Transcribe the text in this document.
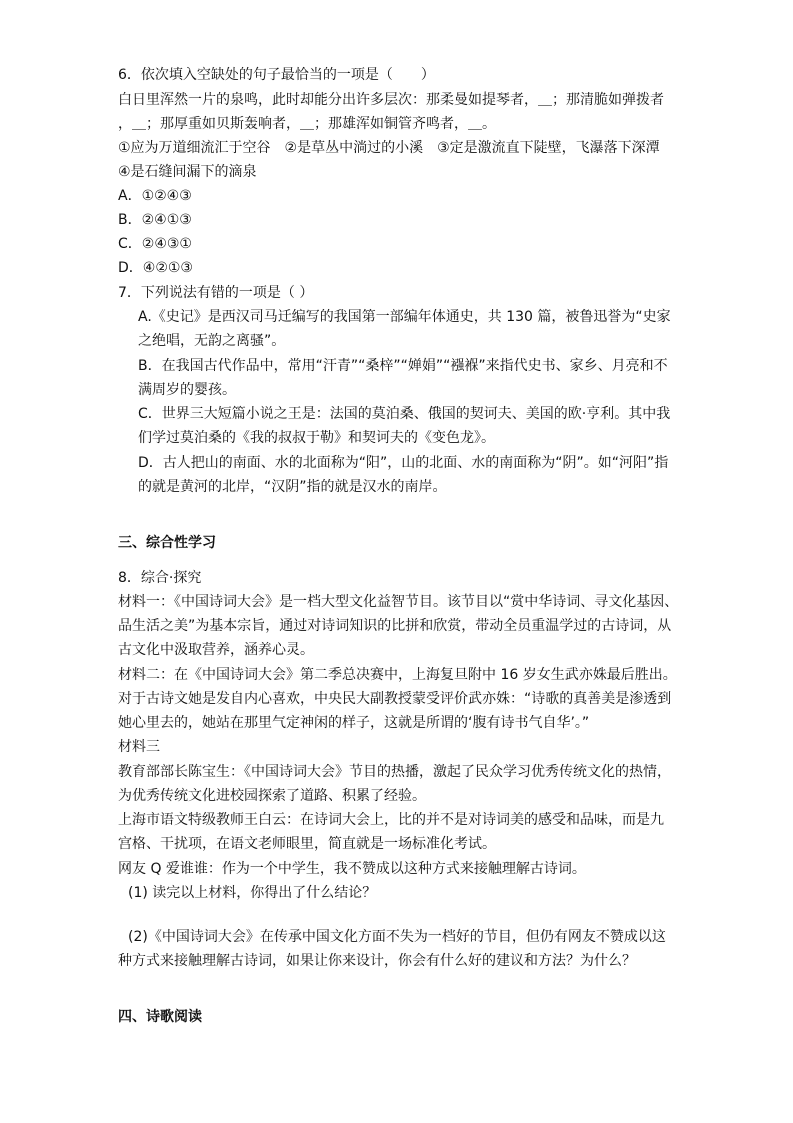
6．依次填入空缺处的句子最恰当的一项是（　　）
白日里浑然一片的泉鸣，此时却能分出许多层次：那柔曼如提琴者，＿；那清脆如弹拨者
，＿；那厚重如贝斯轰响者，＿；那雄浑如铜管齐鸣者，＿。
①应为万道细流汇于空谷　②是草丛中淌过的小溪　③定是激流直下陡壁，飞瀑落下深潭
④是石缝间漏下的滴泉
A．①②④③
B．②④①③
C．②④③①
D．④②①③
7．下列说法有错的一项是（ ）
A.《史记》是西汉司马迁编写的我国第一部编年体通史，共 130 篇，被鲁迅誉为“史家
之绝唱，无韵之离骚”。
B．在我国古代作品中，常用“汗青”“桑梓”“婵娟”“襁褓”来指代史书、家乡、月亮和不
满周岁的婴孩。
C．世界三大短篇小说之王是：法国的莫泊桑、俄国的契诃夫、美国的欧·亨利。其中我
们学过莫泊桑的《我的叔叔于勒》和契诃夫的《变色龙》。
D．古人把山的南面、水的北面称为“阳”，山的北面、水的南面称为“阴”。如“河阳”指
的就是黄河的北岸，“汉阴”指的就是汉水的南岸。
三、综合性学习
8．综合·探究
材料一：《中国诗词大会》是一档大型文化益智节目。该节目以“赏中华诗词、寻文化基因、
品生活之美”为基本宗旨，通过对诗词知识的比拼和欣赏，带动全员重温学过的古诗词，从
古文化中汲取营养，涵养心灵。
材料二：在《中国诗词大会》第二季总决赛中，上海复旦附中 16 岁女生武亦姝最后胜出。
对于古诗文她是发自内心喜欢，中央民大副教授蒙受评价武亦姝：“诗歌的真善美是渗透到
她心里去的，她站在那里气定神闲的样子，这就是所谓的‘腹有诗书气自华’。”
材料三
教育部部长陈宝生：《中国诗词大会》节目的热播，激起了民众学习优秀传统文化的热情，
为优秀传统文化进校园探索了道路、积累了经验。
上海市语文特级教师王白云：在诗词大会上，比的并不是对诗词美的感受和品味，而是九
宫格、干扰项，在语文老师眼里，简直就是一场标准化考试。
网友 Q 爱谁谁：作为一个中学生，我不赞成以这种方式来接触理解古诗词。
(1) 读完以上材料，你得出了什么结论？
(2)《中国诗词大会》在传承中国文化方面不失为一档好的节目，但仍有网友不赞成以这
种方式来接触理解古诗词，如果让你来设计，你会有什么好的建议和方法？为什么？
四、诗歌阅读
